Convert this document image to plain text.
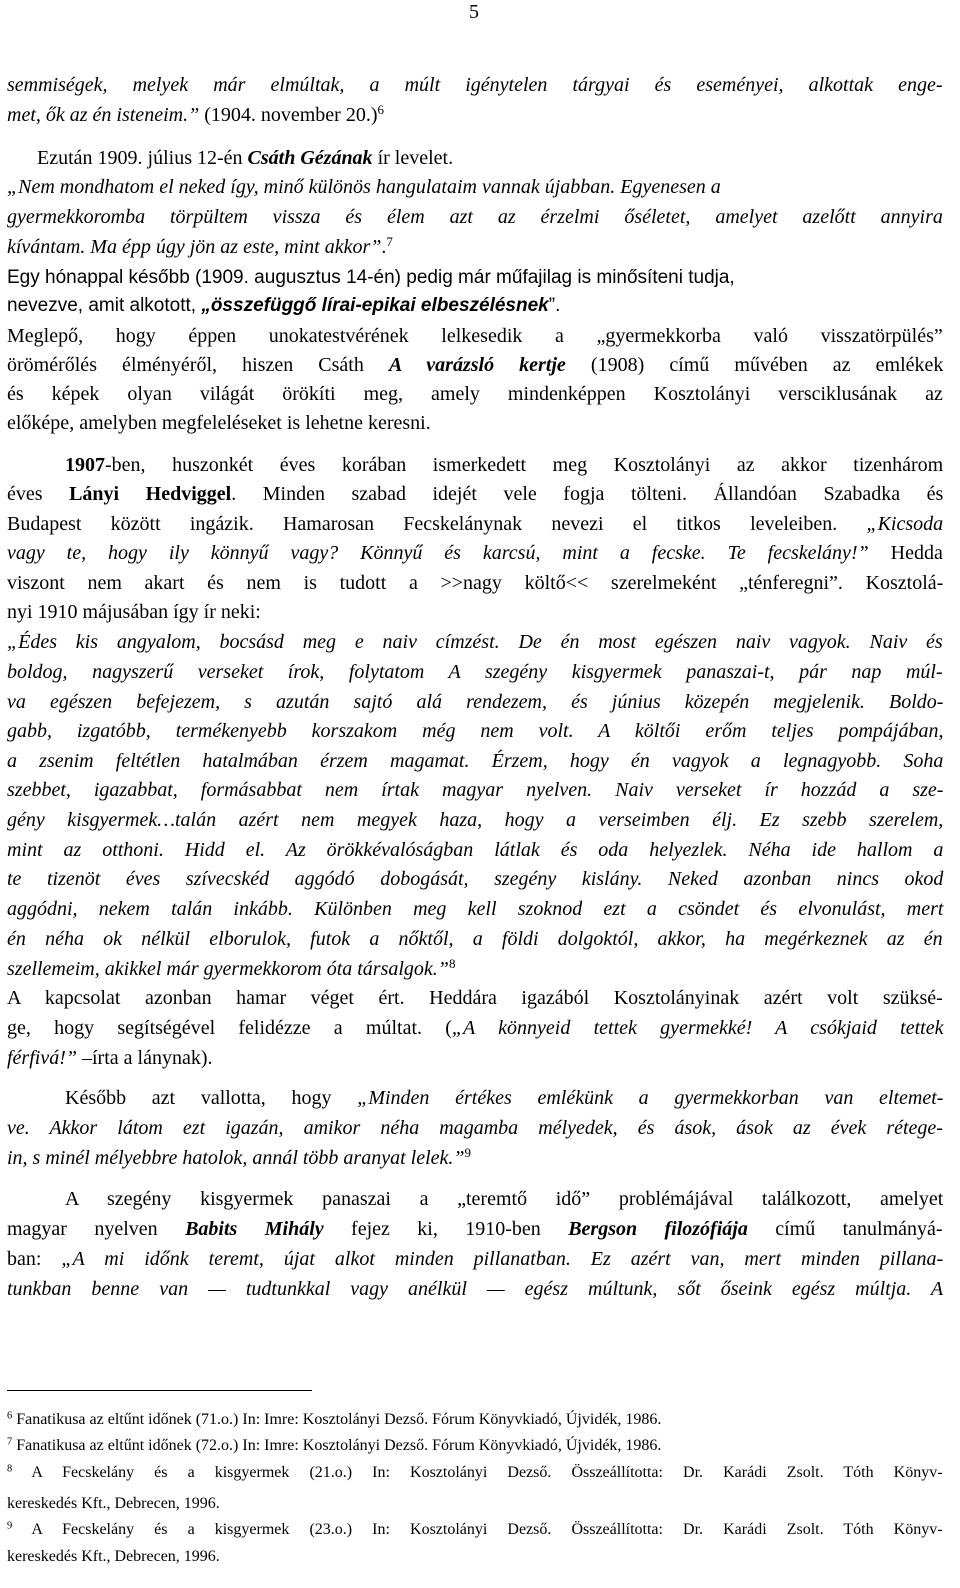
5
semmiségek, melyek már elmúltak, a múlt igénytelen tárgyai és eseményei, alkottak enge-
met, ők az én isteneim.” (1904. november 20.)$^6$
Ezután 1909. július 12-én Csáth Gézának ír levelet.
„Nem mondhatom el neked így, minő különös hangulataim vannak újabban. Egyenesen a
gyermekkoromba törpültem vissza és élem azt az érzelmi őséletet, amelyet azelőtt annyira
kívántam. Ma épp úgy jön az este, mint akkor”.$^7$
Egy hónappal később (1909. augusztus 14-én) pedig már műfajilag is minősíteni tudja,
nevezve, amit alkotott, „összefüggő lírai-epikai elbeszélésnek”.
Meglepő, hogy éppen unokatestvérének lelkesedik a „gyermekkorba való visszatörpülés”
örömérőlés élményéről, hiszen Csáth A varázsló kertje (1908) című művében az emlékek
és képek olyan világát örökíti meg, amely mindenképpen Kosztolányi versciklusának az
előképe, amelyben megfeleléseket is lehetne keresni.
1907-ben, huszonkét éves korában ismerkedett meg Kosztolányi az akkor tizenhárom
éves Lányi Hedviggel. Minden szabad idejét vele fogja tölteni. Állandóan Szabadka és
Budapest között ingázik. Hamarosan Fecskelánynak nevezi el titkos leveleiben. „Kicsoda
vagy te, hogy ily könnyű vagy? Könnyű és karcsú, mint a fecske. Te fecskelány!” Hedda
viszont nem akart és nem is tudott a >>nagy költő<< szerelmeként „ténferegni”. Kosztolá-
nyi 1910 májusában így ír neki:
„Édes kis angyalom, bocsásd meg e naiv címzést. De én most egészen naiv vagyok. Naiv és
boldog, nagyszerű verseket írok, folytatom A szegény kisgyermek panaszai-t, pár nap múl-
va egészen befejezem, s azután sajtó alá rendezem, és június közepén megjelenik. Boldo-
gabb, izgatóbb, termékenyebb korszakom még nem volt. A költői erőm teljes pompájában,
a zsenim feltétlen hatalmában érzem magamat. Érzem, hogy én vagyok a legnagyobb. Soha
szebbet, igazabbat, formásabbat nem írtak magyar nyelven. Naiv verseket ír hozzád a sze-
gény kisgyermek…talán azért nem megyek haza, hogy a verseimben élj. Ez szebb szerelem,
mint az otthoni. Hidd el. Az örökkévalóságban látlak és oda helyezlek. Néha ide hallom a
te tizenöt éves szívecskéd aggódó dobogását, szegény kislány. Neked azonban nincs okod
aggódni, nekem talán inkább. Különben meg kell szoknod ezt a csöndet és elvonulást, mert
én néha ok nélkül elborulok, futok a nőktől, a földi dolgoktól, akkor, ha megérkeznek az én
szellemeim, akikkel már gyermekkorom óta társalgok.”$^8$
A kapcsolat azonban hamar véget ért. Heddára igazából Kosztolányinak azért volt szüksé-
ge, hogy segítségével felidézze a múltat. („A könnyeid tettek gyermekké! A csókjaid tettek
férfivá!” –írta a lánynak).
Később azt vallotta, hogy „Minden értékes emlékünk a gyermekkorban van eltemet-
ve. Akkor látom ezt igazán, amikor néha magamba mélyedek, és ások, ások az évek rétege-
in, s minél mélyebbre hatolok, annál több aranyat lelek.”$^9$
A szegény kisgyermek panaszai a „teremtő idő” problémájával találkozott, amelyet
magyar nyelven Babits Mihály fejez ki, 1910-ben Bergson filozófiája című tanulmányá-
ban: „A mi időnk teremt, újat alkot minden pillanatban. Ez azért van, mert minden pillana-
tunkban benne van — tudtunkkal vagy anélkül — egész múltunk, sőt őseink egész múltja. A
$^6$ Fanatikusa az eltűnt időnek (71.o.) In: Imre: Kosztolányi Dezső. Fórum Könyvkiadó, Újvidék, 1986.
$^7$ Fanatikusa az eltűnt időnek (72.o.) In: Imre: Kosztolányi Dezső. Fórum Könyvkiadó, Újvidék, 1986.
$^8$ A Fecskelány és a kisgyermek (21.o.) In: Kosztolányi Dezső. Összeállította: Dr. Karádi Zsolt. Tóth Könyv-
kereskedés Kft., Debrecen, 1996.
$^9$ A Fecskelány és a kisgyermek (23.o.) In: Kosztolányi Dezső. Összeállította: Dr. Karádi Zsolt. Tóth Könyv-
kereskedés Kft., Debrecen, 1996.
